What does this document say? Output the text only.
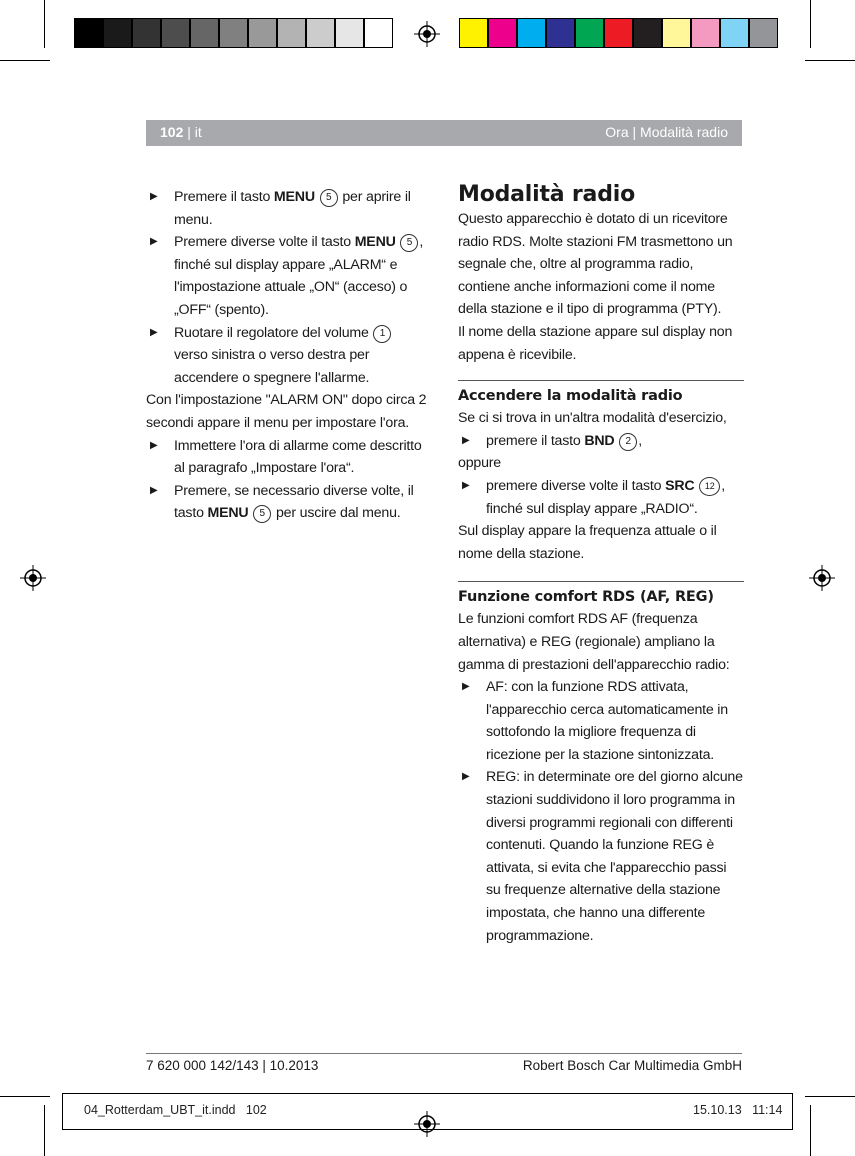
102 | it	Ora | Modalità radio

▶ Premere il tasto MENU 5 per aprire il menu.

▶ Premere diverse volte il tasto MENU 5 , finché sul display appare „ALARM“ e l'impostazione attuale „ON“ (acceso) o „OFF“ (spento).

▶ Ruotare il regolatore del volume 1 verso sinistra o verso destra per accendere o spegnere l'allarme.

Con l'impostazione "ALARM ON" dopo circa 2 secondi appare il menu per impostare l'ora.

▶ Immettere l'ora di allarme come descritto al paragrafo „Impostare l'ora“.

▶ Premere, se necessario diverse volte, il tasto MENU 5 per uscire dal menu.

Modalità radio

Questo apparecchio è dotato di un ricevitore radio RDS. Molte stazioni FM trasmettono un segnale che, oltre al programma radio, contiene anche informazioni come il nome della stazione e il tipo di programma (PTY).

Il nome della stazione appare sul display non appena è ricevibile.

Accendere la modalità radio

Se ci si trova in un'altra modalità d'esercizio,

▶ premere il tasto BND 2 ,

oppure

▶ premere diverse volte il tasto SRC 12 , finché sul display appare „RADIO“.

Sul display appare la frequenza attuale o il nome della stazione.

Funzione comfort RDS (AF, REG)

Le funzioni comfort RDS AF (frequenza alternativa) e REG (regionale) ampliano la gamma di prestazioni dell'apparecchio radio:

▶ AF: con la funzione RDS attivata, l'apparecchio cerca automaticamente in sottofondo la migliore frequenza di ricezione per la stazione sintonizzata.

▶ REG: in determinate ore del giorno alcune stazioni suddividono il loro programma in diversi programmi regionali con differenti contenuti. Quando la funzione REG è attivata, si evita che l'apparecchio passi su frequenze alternative della stazione impostata, che hanno una differente programmazione.

7 620 000 142/143 | 10.2013	Robert Bosch Car Multimedia GmbH
04_Rotterdam_UBT_it.indd   102	15.10.13   11:14
